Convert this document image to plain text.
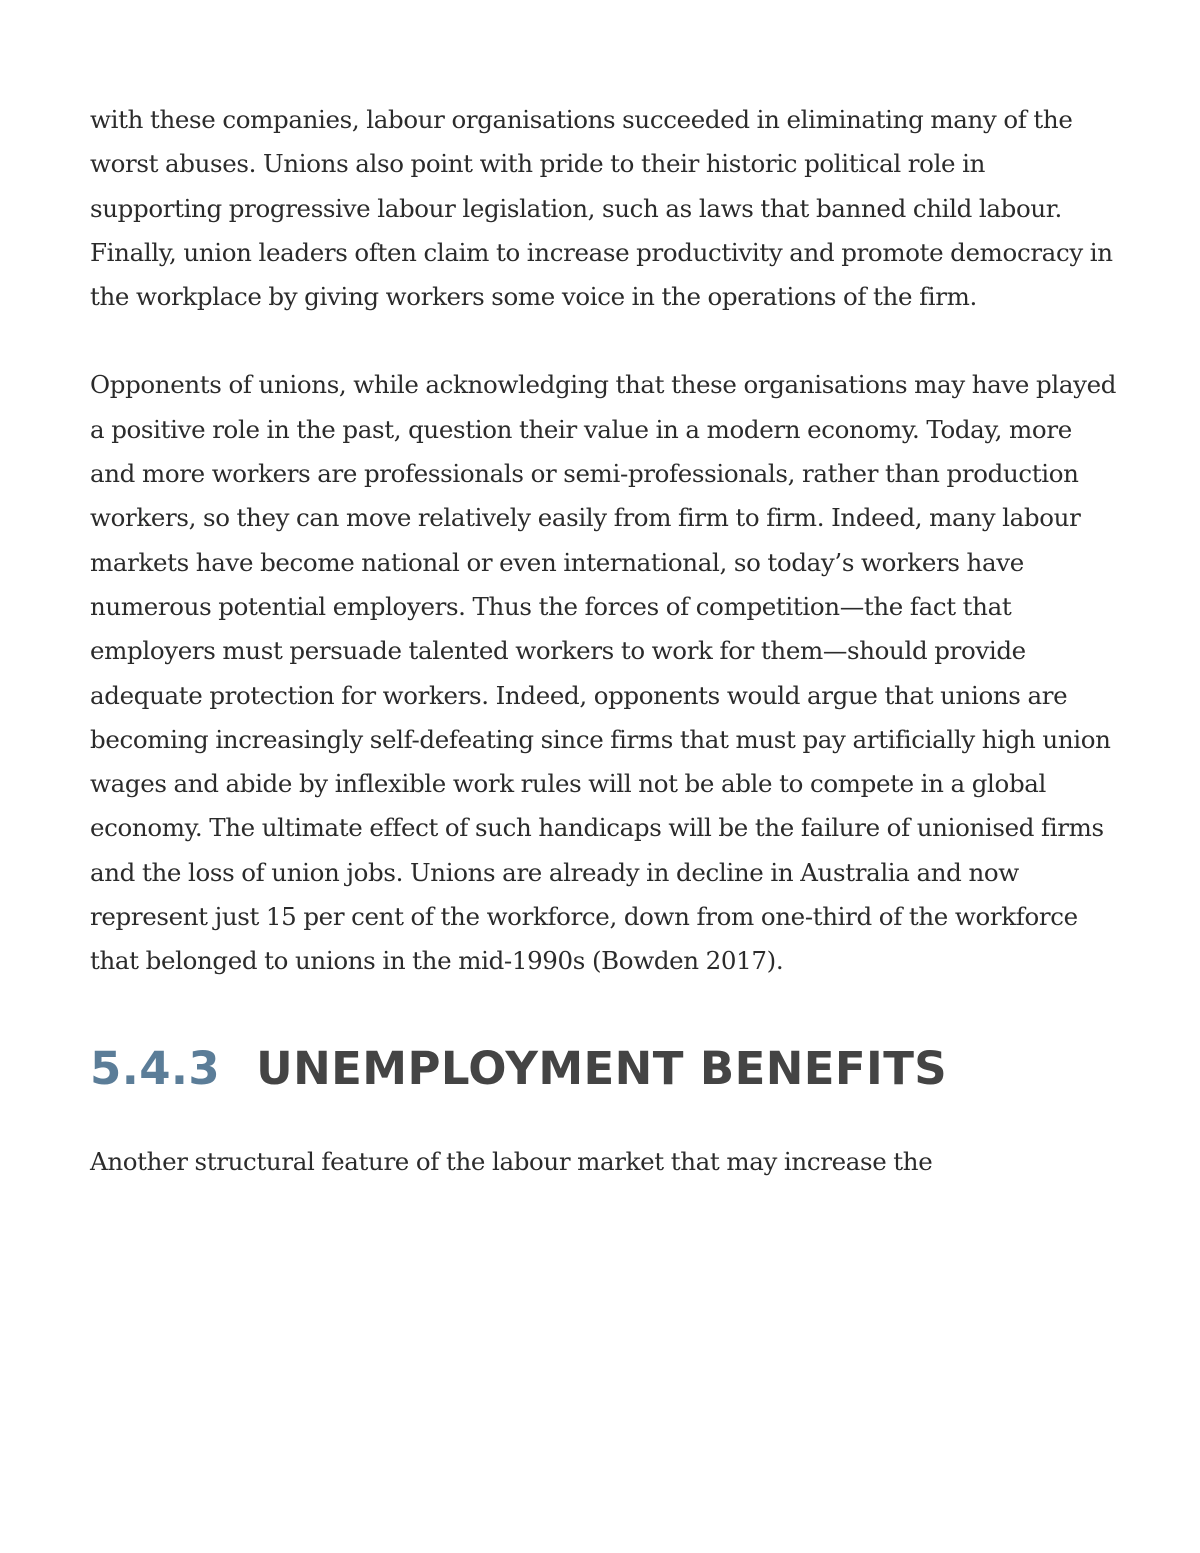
with these companies, labour organisations succeeded in eliminating many of the worst abuses. Unions also point with pride to their historic political role in supporting progressive labour legislation, such as laws that banned child labour. Finally, union leaders often claim to increase productivity and promote democracy in the workplace by giving workers some voice in the operations of the firm.

Opponents of unions, while acknowledging that these organisations may have played a positive role in the past, question their value in a modern economy. Today, more and more workers are professionals or semi-professionals, rather than production workers, so they can move relatively easily from firm to firm. Indeed, many labour markets have become national or even international, so today’s workers have numerous potential employers. Thus the forces of competition—the fact that employers must persuade talented workers to work for them—should provide adequate protection for workers. Indeed, opponents would argue that unions are becoming increasingly self-defeating since firms that must pay artificially high union wages and abide by inflexible work rules will not be able to compete in a global economy. The ultimate effect of such handicaps will be the failure of unionised firms and the loss of union jobs. Unions are already in decline in Australia and now represent just 15 per cent of the workforce, down from one-third of the workforce that belonged to unions in the mid-1990s (Bowden 2017).

5.4.3 UNEMPLOYMENT BENEFITS

Another structural feature of the labour market that may increase the
